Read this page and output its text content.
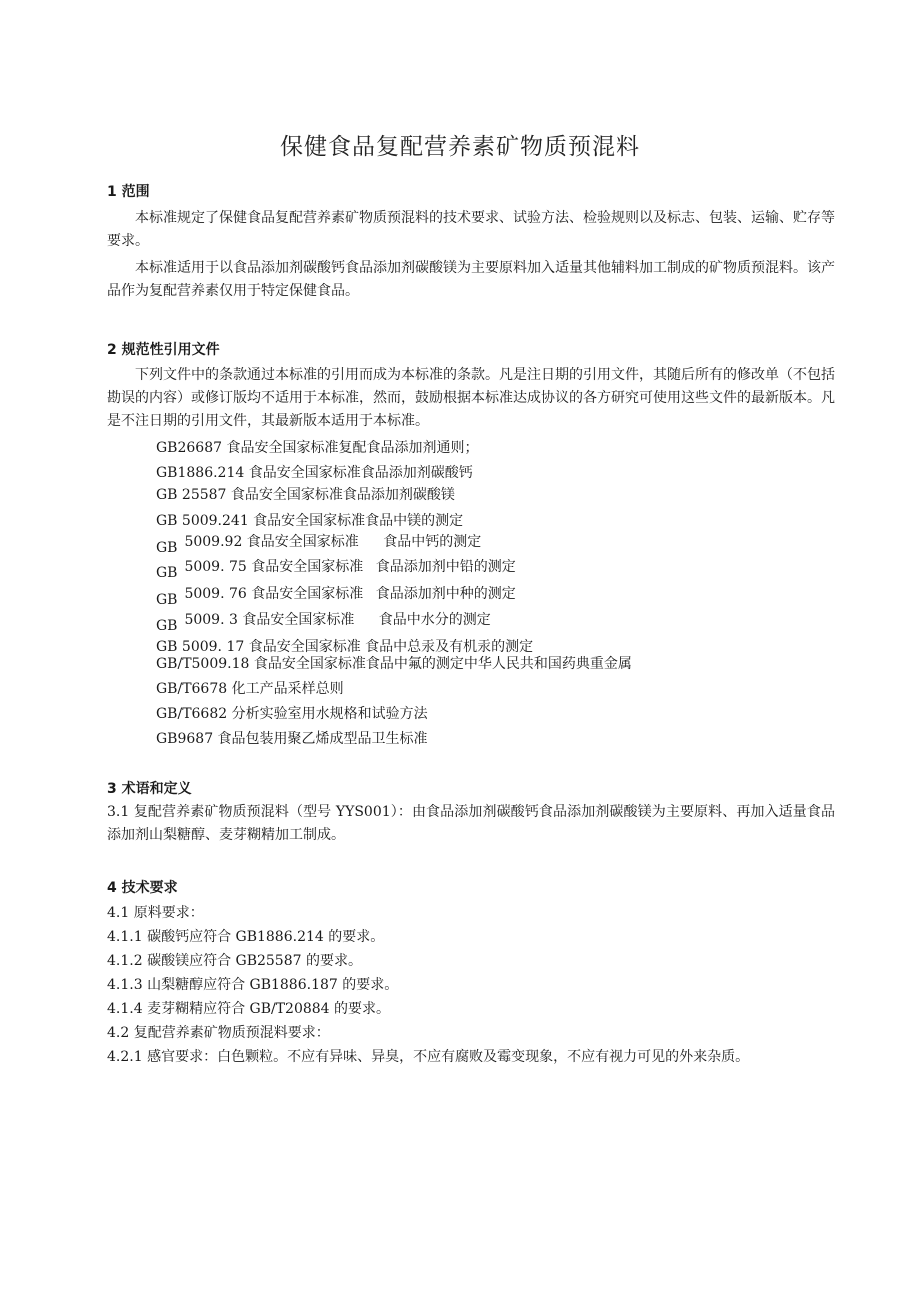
保健食品复配营养素矿物质预混料
1 范围
本标准规定了保健食品复配营养素矿物质预混料的技术要求、试验方法、检验规则以及标志、包装、运输、贮存等要求。
本标准适用于以食品添加剂碳酸钙食品添加剂碳酸镁为主要原料加入适量其他辅料加工制成的矿物质预混料。该产品作为复配营养素仅用于特定保健食品。
2 规范性引用文件
下列文件中的条款通过本标准的引用而成为本标准的条款。凡是注日期的引用文件，其随后所有的修改单（不包括勘误的内容）或修订版均不适用于本标准，然而，鼓励根据本标准达成协议的各方研究可使用这些文件的最新版本。凡是不注日期的引用文件，其最新版本适用于本标准。
GB26687 食品安全国家标准复配食品添加剂通则；
GB1886.214 食品安全国家标准食品添加剂碳酸钙
GB 25587 食品安全国家标准食品添加剂碳酸镁
GB 5009.241 食品安全国家标准食品中镁的测定
GB 5009.92 食品安全国家标准 食品中钙的测定
GB 5009. 75 食品安全国家标准 食品添加剂中铅的测定
GB 5009. 76 食品安全国家标准 食品添加剂中种的测定
GB 5009. 3 食品安全国家标准 食品中水分的测定
GB 5009. 17 食品安全国家标准 食品中总汞及有机汞的测定
GB/T5009.18 食品安全国家标准食品中氟的测定中华人民共和国药典重金属
GB/T6678 化工产品采样总则
GB/T6682 分析实验室用水规格和试验方法
GB9687 食品包装用聚乙烯成型品卫生标准
3 术语和定义
3.1 复配营养素矿物质预混料（型号 YYS001）：由食品添加剂碳酸钙食品添加剂碳酸镁为主要原料、再加入适量食品添加剂山梨糖醇、麦芽糊精加工制成。
4 技术要求
4.1 原料要求：
4.1.1 碳酸钙应符合 GB1886.214 的要求。
4.1.2 碳酸镁应符合 GB25587 的要求。
4.1.3 山梨糖醇应符合 GB1886.187 的要求。
4.1.4 麦芽糊精应符合 GB/T20884 的要求。
4.2 复配营养素矿物质预混料要求：
4.2.1 感官要求：白色颗粒。不应有异味、异臭，不应有腐败及霉变现象，不应有视力可见的外来杂质。
